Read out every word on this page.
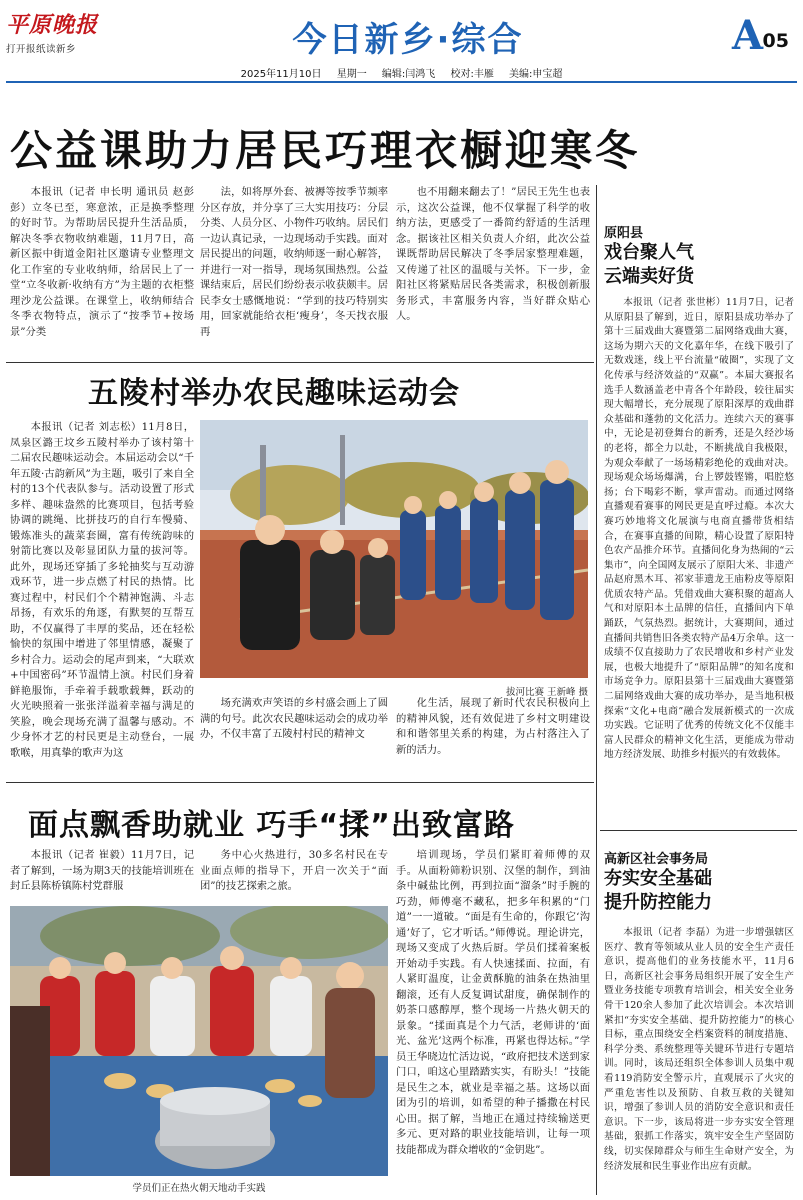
平原晚报
打开报纸读新乡	今日新乡·综合	A 05
2025年11月10日 星期一 编辑:闫鸿飞 校对:丰雁 美编:申宝超
公益课助力居民巧理衣橱迎寒冬

本报讯（记者 申长明 通讯员 赵彭彭）立冬已至，寒意浓，正是换季整理的好时节。为帮助居民提升生活品质，解决冬季衣物收纳难题，11月7日，高新区振中街道金阳社区邀请专业整理文化工作室的专业收纳师，给居民上了一堂“立冬收新·收纳有方”为主题的衣柜整理沙龙公益课。在课堂上，收纳师结合冬季衣物特点，演示了“按季节+按场景”分类

法，如将厚外套、被褥等按季节频率分区存放，并分享了三大实用技巧：分层分类、人员分区、小物件巧收纳。居民们一边认真记录，一边现场动手实践。面对居民提出的问题，收纳师逐一耐心解答，并进行一对一指导，现场氛围热烈。公益课结束后，居民们纷纷表示收获颇丰。居民李女士感慨地说：“学到的技巧特别实用，回家就能给衣柜‘瘦身’，冬天找衣服再

也不用翻来翻去了！”居民王先生也表示，这次公益课，他不仅掌握了科学的收纳方法，更感受了一番简约舒适的生活理念。据该社区相关负责人介绍，此次公益课既帮助居民解决了冬季居家整理难题，又传递了社区的温暖与关怀。下一步，金阳社区将紧贴居民各类需求，积极创新服务形式，丰富服务内容，当好群众贴心人。

五陵村举办农民趣味运动会

本报讯（记者 刘志松）11月8日，凤泉区潞王坟乡五陵村举办了该村第十二届农民趣味运动会。本届运动会以“千年五陵·古韵新风”为主题，吸引了来自全村的13个代表队参与。活动设置了形式多样、趣味盎然的比赛项目，包括考验协调的跳绳、比拼技巧的自行车慢骑、锻炼准头的蔬菜套圈，富有传统韵味的射箭比赛以及彰显团队力量的拔河等。此外，现场还穿插了多轮抽奖与互动游戏环节，进一步点燃了村民的热情。比赛过程中，村民们个个精神饱满、斗志昂扬，有欢乐的角逐，有默契的互帮互助，不仅赢得了丰厚的奖品，还在轻松愉快的氛围中增进了邻里情感，凝聚了乡村合力。运动会的尾声到来，“大联欢+中国密码”环节温情上演。村民们身着鲜艳服饰，手牵着手载歌载舞，跃动的火光映照着一张张洋溢着幸福与满足的笑脸，晚会现场充满了温馨与感动。不少身怀才艺的村民更是主动登台，一展歌喉，用真挚的歌声为这

拔河比赛 王新峰 摄

场充满欢声笑语的乡村盛会画上了圆满的句号。此次农民趣味运动会的成功举办，不仅丰富了五陵村村民的精神文

化生活，展现了新时代农民积极向上的精神风貌，还有效促进了乡村文明建设和和谐邻里关系的构建，为占村落注入了新的活力。

面点飘香助就业 巧手“揉”出致富路

本报讯（记者 崔毅）11月7日，记者了解到，一场为期3天的技能培训班在封丘县陈桥镇陈村党群服

务中心火热进行，30多名村民在专业面点师的指导下，开启一次关于“面团”的技艺探索之旅。

学员们正在热火朝天地动手实践

培训现场，学员们紧盯着师傅的双手。从面粉筛粉识别、汉堡的制作，到油条中碱盐比例，再到拉面“溜条”时手腕的巧劲，师傅毫不藏私，把多年积累的“门道”一一道破。“面是有生命的，你跟它‘沟通’好了，它才听话。”师傅说。理论讲完，现场又变成了火热后厨。学员们揉着案板开始动手实践。有人快速揉面、拉面，有人紧盯温度，让金黄酥脆的油条在热油里翻滚，还有人反复调试甜度，确保制作的奶茶口感醇厚，整个现场一片热火朝天的景象。“揉面真是个力气活，老师讲的‘面光、盆光’这两个标准，再紧也得达标。”学员王华晓边忙活边说，“政府把技术送到家门口，咱这心里踏踏实实，有盼头！”技能是民生之本，就业是幸福之基。这场以面团为引的培训，如希望的种子播撒在村民心田。据了解，当地正在通过持续输送更多元、更对路的职业技能培训，让每一项技能都成为群众增收的“金钥匙”。

原阳县
戏台聚人气
云端卖好货

本报讯（记者 张世彬）11月7日，记者从原阳县了解到，近日，原阳县成功举办了第十三届戏曲大赛暨第二届网络戏曲大赛，这场为期六天的文化嘉年华，在线下吸引了无数戏迷，线上平台流量“破圈”，实现了文化传承与经济效益的“双赢”。本届大赛报名选手人数涵盖老中青各个年龄段，较往届实现大幅增长，充分展现了原阳深厚的戏曲群众基础和蓬勃的文化活力。连续六天的赛事中，无论是初登舞台的新秀，还是久经沙场的老将，都全力以赴，不断挑战自我极限，为观众奉献了一场场精彩绝伦的戏曲对决。现场观众场场爆满，台上锣鼓铿锵，唱腔悠扬；台下喝彩不断，掌声雷动。而通过网络直播观看赛事的网民更是直呼过瘾。本次大赛巧妙地将文化展演与电商直播带货相结合，在赛事直播的间隙，精心设置了原阳特色农产品推介环节。直播间化身为热闹的“云集市”，向全国网友展示了原阳大米、非遗产品赵府黑木耳、祁家菲遗龙王庙粉皮等原阳优质农特产品。凭借戏曲大赛积聚的超高人气和对原阳本土品牌的信任，直播间内下单踊跃，气氛热烈。据统计，大赛期间，通过直播间共销售旧各类农特产品4万余单。这一成绩不仅直接助力了农民增收和乡村产业发展，也极大地提升了“原阳品牌”的知名度和市场竞争力。原阳县第十三届戏曲大赛暨第二届网络戏曲大赛的成功举办，是当地积极探索“文化+电商”融合发展新模式的一次成功实践。它证明了优秀的传统文化不仅能丰富人民群众的精神文化生活，更能成为带动地方经济发展、助推乡村振兴的有效载体。

高新区社会事务局
夯实安全基础
提升防控能力

本报讯（记者 李磊）为进一步增强辖区医疗、教育等领域从业人员的安全生产责任意识，提高他们的业务技能水平，11月6日，高新区社会事务局组织开展了安全生产暨业务技能专项教育培训会，相关安全业务骨干120余人参加了此次培训会。本次培训紧扣“夯实安全基础、提升防控能力”的核心目标，重点围绕安全档案资料的制度措施、科学分类、系统整理等关键环节进行专题培训。同时，该局还组织全体参训人员集中观看119消防安全警示片，直观展示了火灾的严重危害性以及预防、自救互救的关键知识，增强了参训人员的消防安全意识和责任意识。下一步，该局将进一步夯实安全管理基础，狠抓工作落实，筑牢安全生产坚固防线，切实保障群众与师生生命财产安全，为经济发展和民生事业作出应有贡献。
